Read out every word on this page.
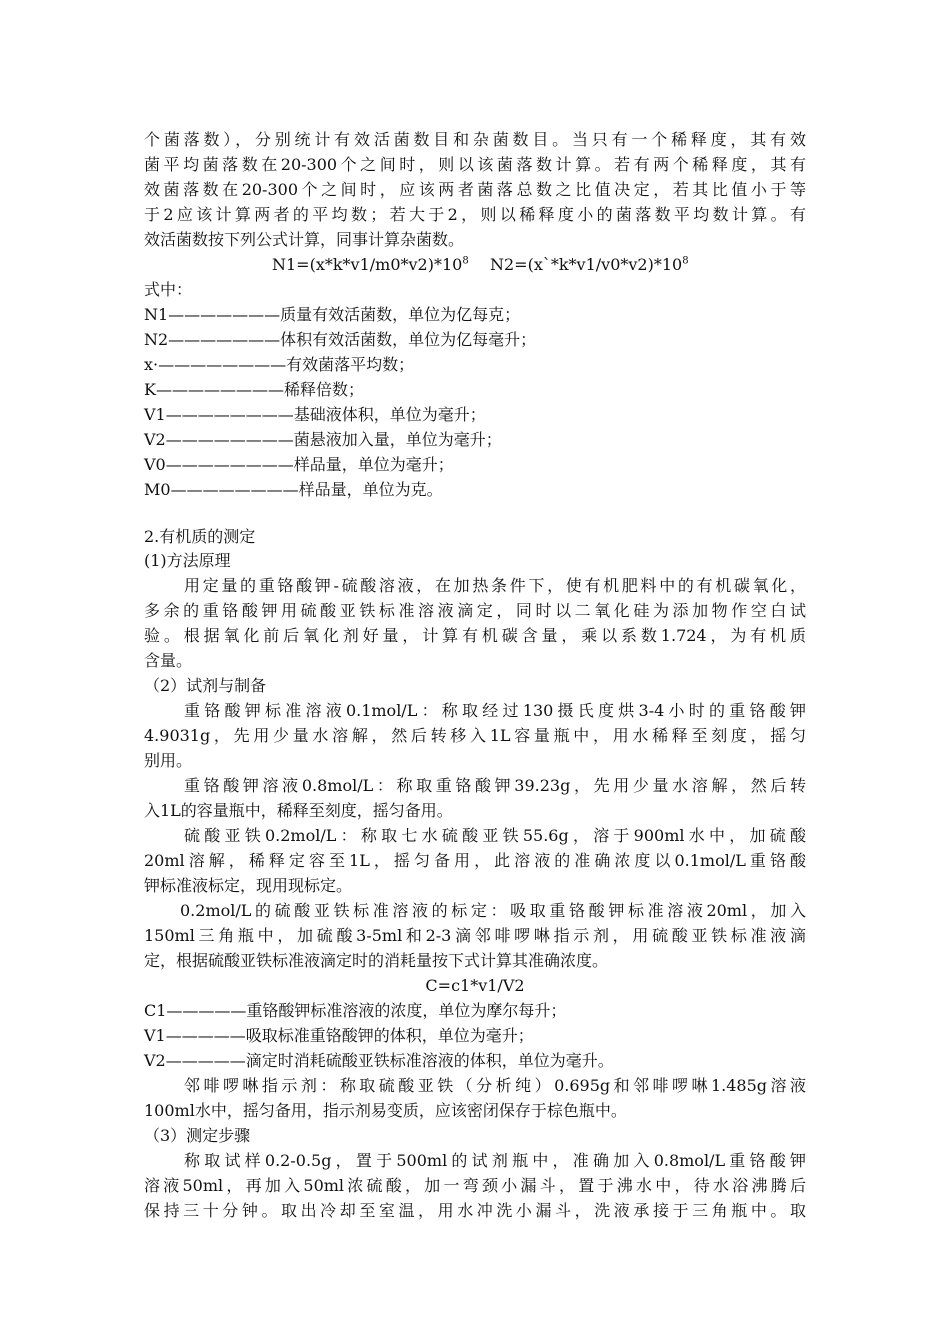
个菌落数），分别统计有效活菌数目和杂菌数目。当只有一个稀释度，其有效
菌平均菌落数在20-300个之间时，则以该菌落数计算。若有两个稀释度，其有
效菌落数在20-300个之间时，应该两者菌落总数之比值决定，若其比值小于等
于2应该计算两者的平均数；若大于2，则以稀释度小的菌落数平均数计算。有
效活菌数按下列公式计算，同事计算杂菌数。
$N1=(x*k*v1/m0*v2)*10^8$ $N2=(x`*k*v1/v0*v2)*10^8$
式中：
N1———————质量有效活菌数，单位为亿每克；
N2———————体积有效活菌数，单位为亿每毫升；
x·————————有效菌落平均数；
K————————稀释倍数；
V1————————基础液体积，单位为毫升；
V2————————菌悬液加入量，单位为毫升；
V0————————样品量，单位为毫升；
M0————————样品量，单位为克。
2.有机质的测定
(1)方法原理
用定量的重铬酸钾-硫酸溶液，在加热条件下，使有机肥料中的有机碳氧化，
多余的重铬酸钾用硫酸亚铁标准溶液滴定，同时以二氧化硅为添加物作空白试
验。根据氧化前后氧化剂好量，计算有机碳含量，乘以系数1.724，为有机质
含量。
（2）试剂与制备
重铬酸钾标准溶液0.1mol/L：称取经过130摄氏度烘3-4小时的重铬酸钾
4.9031g，先用少量水溶解，然后转移入1L容量瓶中，用水稀释至刻度，摇匀
别用。
重铬酸钾溶液0.8mol/L：称取重铬酸钾39.23g，先用少量水溶解，然后转
入1L的容量瓶中，稀释至刻度，摇匀备用。
硫酸亚铁0.2mol/L：称取七水硫酸亚铁55.6g，溶于900ml水中，加硫酸
20ml溶解，稀释定容至1L，摇匀备用，此溶液的准确浓度以0.1mol/L重铬酸
钾标准液标定，现用现标定。
0.2mol/L的硫酸亚铁标准溶液的标定：吸取重铬酸钾标准溶液20ml，加入
150ml三角瓶中，加硫酸3-5ml和2-3滴邻啡啰啉指示剂，用硫酸亚铁标准液滴
定，根据硫酸亚铁标准液滴定时的消耗量按下式计算其准确浓度。
C=c1*v1/V2
C1—————重铬酸钾标准溶液的浓度，单位为摩尔每升；
V1—————吸取标准重铬酸钾的体积，单位为毫升；
V2—————滴定时消耗硫酸亚铁标准溶液的体积，单位为毫升。
邻啡啰啉指示剂：称取硫酸亚铁（分析纯）0.695g和邻啡啰啉1.485g溶液
100ml水中，摇匀备用，指示剂易变质，应该密闭保存于棕色瓶中。
（3）测定步骤
称取试样0.2-0.5g，置于500ml的试剂瓶中，准确加入0.8mol/L重铬酸钾
溶液50ml，再加入50ml浓硫酸，加一弯颈小漏斗，置于沸水中，待水浴沸腾后
保持三十分钟。取出冷却至室温，用水冲洗小漏斗，洗液承接于三角瓶中。取
